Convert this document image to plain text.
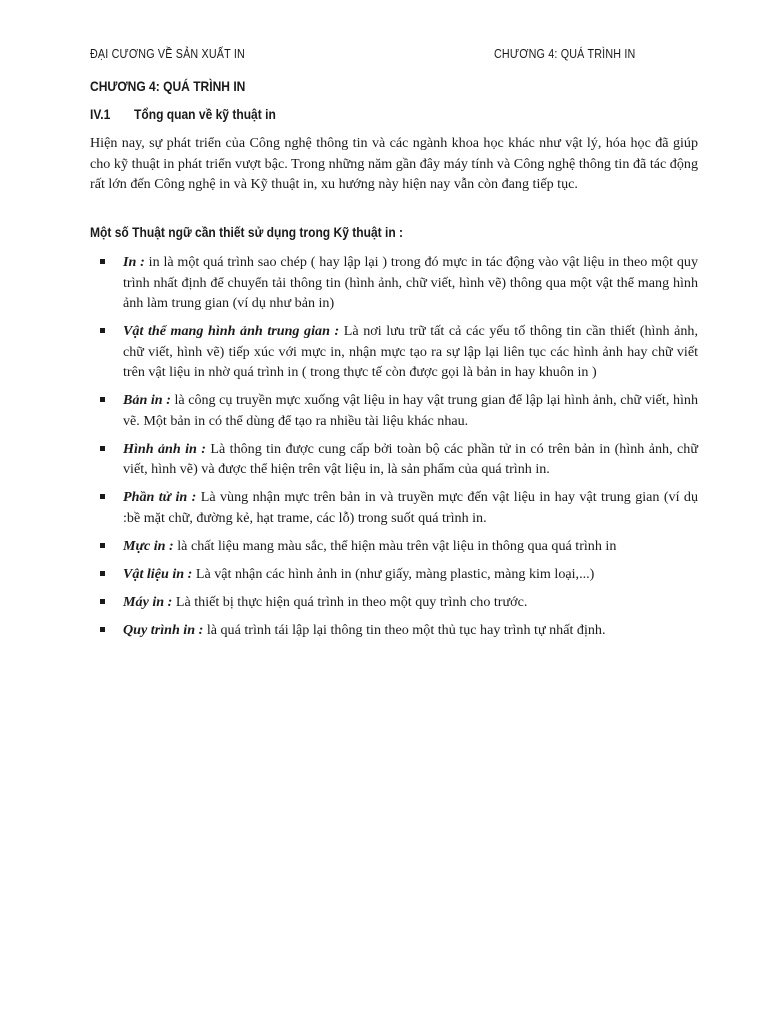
ĐẠI CƯƠNG VỀ SẢN XUẤT IN	CHƯƠNG 4: QUÁ TRÌNH IN
CHƯƠNG 4: QUÁ TRÌNH IN
IV.1 Tổng quan về kỹ thuật in

Hiện nay, sự phát triển của Công nghệ thông tin và các ngành khoa học khác như vật lý, hóa học đã giúp cho kỹ thuật in phát triển vượt bậc. Trong những năm gần đây máy tính và Công nghệ thông tin đã tác động rất lớn đến Công nghệ in và Kỹ thuật in, xu hướng này hiện nay vẫn còn đang tiếp tục.

Một số Thuật ngữ cần thiết sử dụng trong Kỹ thuật in :
In : in là một quá trình sao chép ( hay lập lại ) trong đó mực in tác động vào vật liệu in theo một quy trình nhất định để chuyển tải thông tin (hình ảnh, chữ viết, hình vẽ) thông qua một vật thể mang hình ảnh làm trung gian (ví dụ như bản in)
Vật thể mang hình ảnh trung gian : Là nơi lưu trữ tất cả các yếu tố thông tin cần thiết (hình ảnh, chữ viết, hình vẽ) tiếp xúc với mực in, nhận mực tạo ra sự lập lại liên tục các hình ảnh hay chữ viết trên vật liệu in nhờ quá trình in ( trong thực tế còn được gọi là bản in hay khuôn in )
Bản in : là công cụ truyền mực xuống vật liệu in hay vật trung gian để lập lại hình ảnh, chữ viết, hình vẽ. Một bản in có thể dùng để tạo ra nhiều tài liệu khác nhau.
Hình ảnh in : Là thông tin được cung cấp bởi toàn bộ các phần tử in có trên bản in (hình ảnh, chữ viết, hình vẽ) và được thể hiện trên vật liệu in, là sản phẩm của quá trình in.
Phần tử in : Là vùng nhận mực trên bản in và truyền mực đến vật liệu in hay vật trung gian (ví dụ :bề mặt chữ, đường kẻ, hạt trame, các lỗ) trong suốt quá trình in.
Mực in : là chất liệu mang màu sắc, thể hiện màu trên vật liệu in thông qua quá trình in
Vật liệu in : Là vật nhận các hình ảnh in (như giấy, màng plastic, màng kim loại,...)
Máy in : Là thiết bị thực hiện quá trình in theo một quy trình cho trước.
Quy trình in : là quá trình tái lập lại thông tin theo một thủ tục hay trình tự nhất định.
